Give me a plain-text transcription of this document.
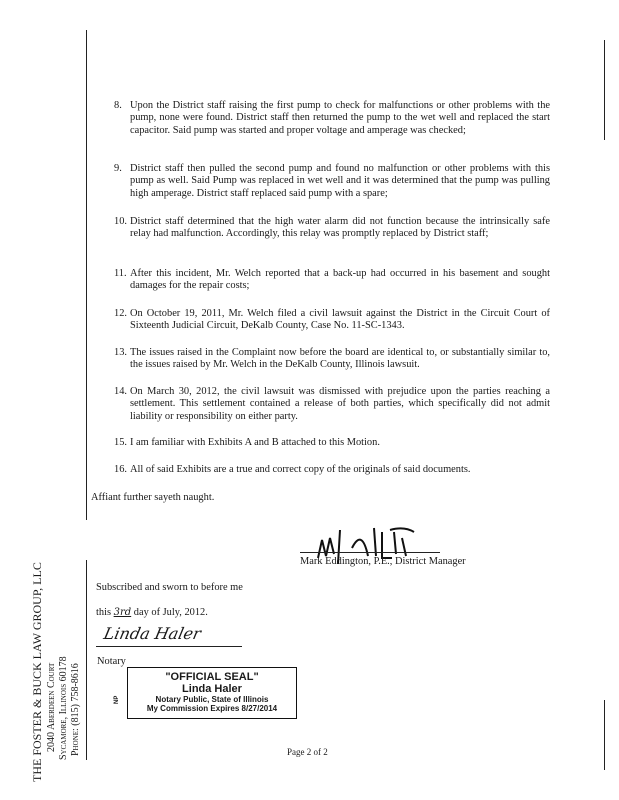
8. Upon the District staff raising the first pump to check for malfunctions or other problems with the pump, none were found. District staff then returned the pump to the wet well and replaced the start capacitor. Said pump was started and proper voltage and amperage was checked;
9. District staff then pulled the second pump and found no malfunction or other problems with this pump as well. Said Pump was replaced in wet well and it was determined that the pump was pulling high amperage. District staff replaced said pump with a spare;
10. District staff determined that the high water alarm did not function because the intrinsically safe relay had malfunction. Accordingly, this relay was promptly replaced by District staff;
11. After this incident, Mr. Welch reported that a back-up had occurred in his basement and sought damages for the repair costs;
12. On October 19, 2011, Mr. Welch filed a civil lawsuit against the District in the Circuit Court of Sixteenth Judicial Circuit, DeKalb County, Case No. 11-SC-1343.
13. The issues raised in the Complaint now before the board are identical to, or substantially similar to, the issues raised by Mr. Welch in the DeKalb County, Illinois lawsuit.
14. On March 30, 2012, the civil lawsuit was dismissed with prejudice upon the parties reaching a settlement. This settlement contained a release of both parties, which specifically did not admit liability or responsibility on either party.
15. I am familiar with Exhibits A and B attached to this Motion.
16. All of said Exhibits are a true and correct copy of the originals of said documents.
Affiant further sayeth naught.
Mark Eddington, P.E., District Manager
Subscribed and sworn to before me
this 3rd day of July, 2012.
Linda Haler
Notary
"OFFICIAL SEAL"
Linda Haler
Notary Public, State of Illinois
My Commission Expires 8/27/2014
NP
THE FOSTER & BUCK LAW GROUP, LLC 2040 Aberdeen Court Sycamore, Illinois 60178 Phone: (815) 758-8616	Page 2 of 2
